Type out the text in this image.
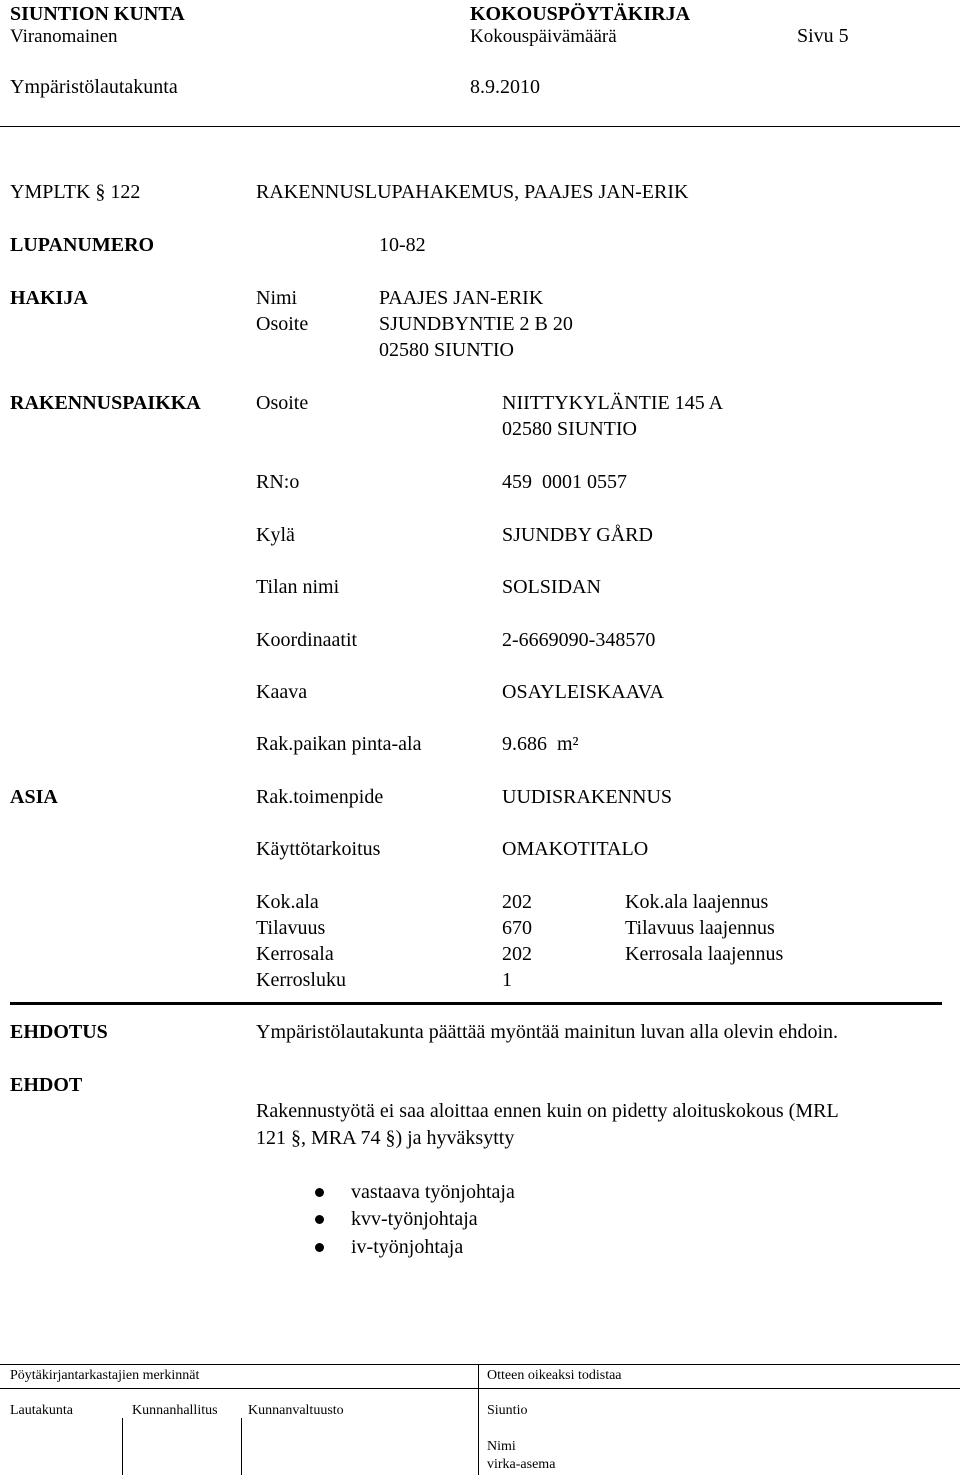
SIUNTION KUNTA	KOKOUSPÖYTÄKIRJA
Viranomainen	Kokouspäivämäärä	Sivu 5
Ympäristölautakunta	8.9.2010
YMPLTK § 122	RAKENNUSLUPAHAKEMUS, PAAJES JAN-ERIK
LUPANUMERO	10-82
HAKIJA	Nimi	PAAJES JAN-ERIK
Osoite	SJUNDBYNTIE 2 B 20
02580 SIUNTIO
RAKENNUSPAIKKA	Osoite	NIITTYKYLÄNTIE 145 A
02580 SIUNTIO
RN:o	459  0001 0557
Kylä	SJUNDBY GÅRD
Tilan nimi	SOLSIDAN
Koordinaatit	2-6669090-348570
Kaava	OSAYLEISKAAVA
Rak.paikan pinta-ala	9.686  m²
ASIA	Rak.toimenpide	UUDISRAKENNUS
Käyttötarkoitus	OMAKOTITALO
Kok.ala	202	Kok.ala laajennus
Tilavuus	670	Tilavuus laajennus
Kerrosala	202	Kerrosala laajennus
Kerrosluku	1
EHDOTUS	Ympäristölautakunta päättää myöntää mainitun luvan alla olevin ehdoin.
EHDOT
Rakennustyötä ei saa aloittaa ennen kuin on pidetty aloituskokous (MRL
121 §, MRA 74 §) ja hyväksytty
vastaava työnjohtaja
kvv-työnjohtaja
iv-työnjohtaja
Pöytäkirjantarkastajien merkinnät	Otteen oikeaksi todistaa
Lautakunta	Kunnanhallitus Kunnanvaltuusto	Siuntio
Nimi
virka-asema
